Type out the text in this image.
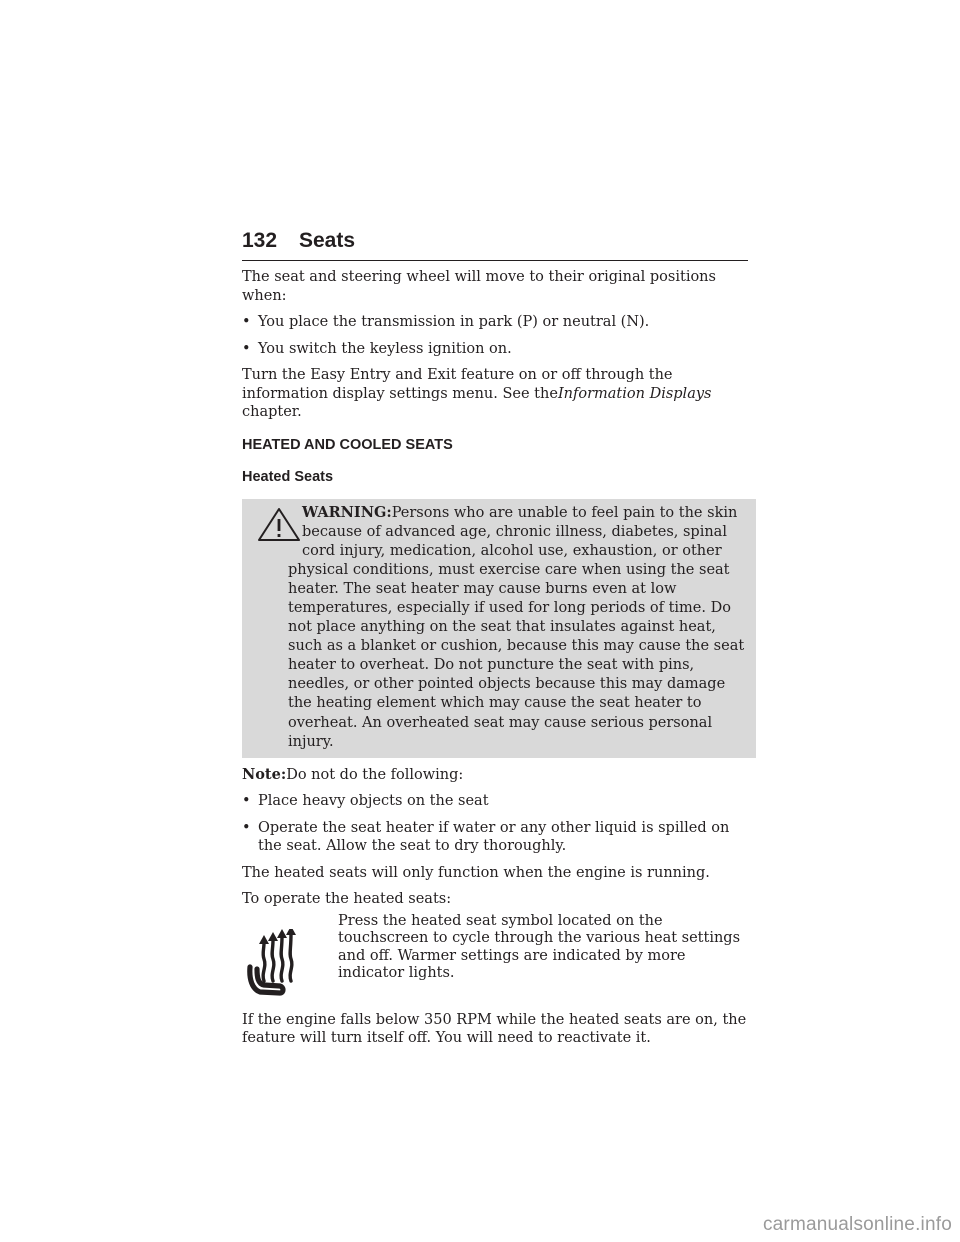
132 Seats

The seat and steering wheel will move to their original positions when:

• You place the transmission in park (P) or neutral (N).
• You switch the keyless ignition on.

Turn the Easy Entry and Exit feature on or off through the information display settings menu. See theInformation Displays chapter.

HEATED AND COOLED SEATS
Heated Seats
WARNING:Persons who are unable to feel pain to the skin because of advanced age, chronic illness, diabetes, spinal cord injury, medication, alcohol use, exhaustion, or other physical conditions, must exercise care when using the seat heater. The seat heater may cause burns even at low temperatures, especially if used for long periods of time. Do not place anything on the seat that insulates against heat, such as a blanket or cushion, because this may cause the seat heater to overheat. Do not puncture the seat with pins, needles, or other pointed objects because this may damage the heating element which may cause the seat heater to overheat. An overheated seat may cause serious personal injury.

Note:Do not do the following:

• Place heavy objects on the seat
• Operate the seat heater if water or any other liquid is spilled on the seat. Allow the seat to dry thoroughly.

The heated seats will only function when the engine is running.

To operate the heated seats:

Press the heated seat symbol located on the touchscreen to cycle through the various heat settings and off. Warmer settings are indicated by more indicator lights.

If the engine falls below 350 RPM while the heated seats are on, the feature will turn itself off. You will need to reactivate it.

carmanualsonline.info
